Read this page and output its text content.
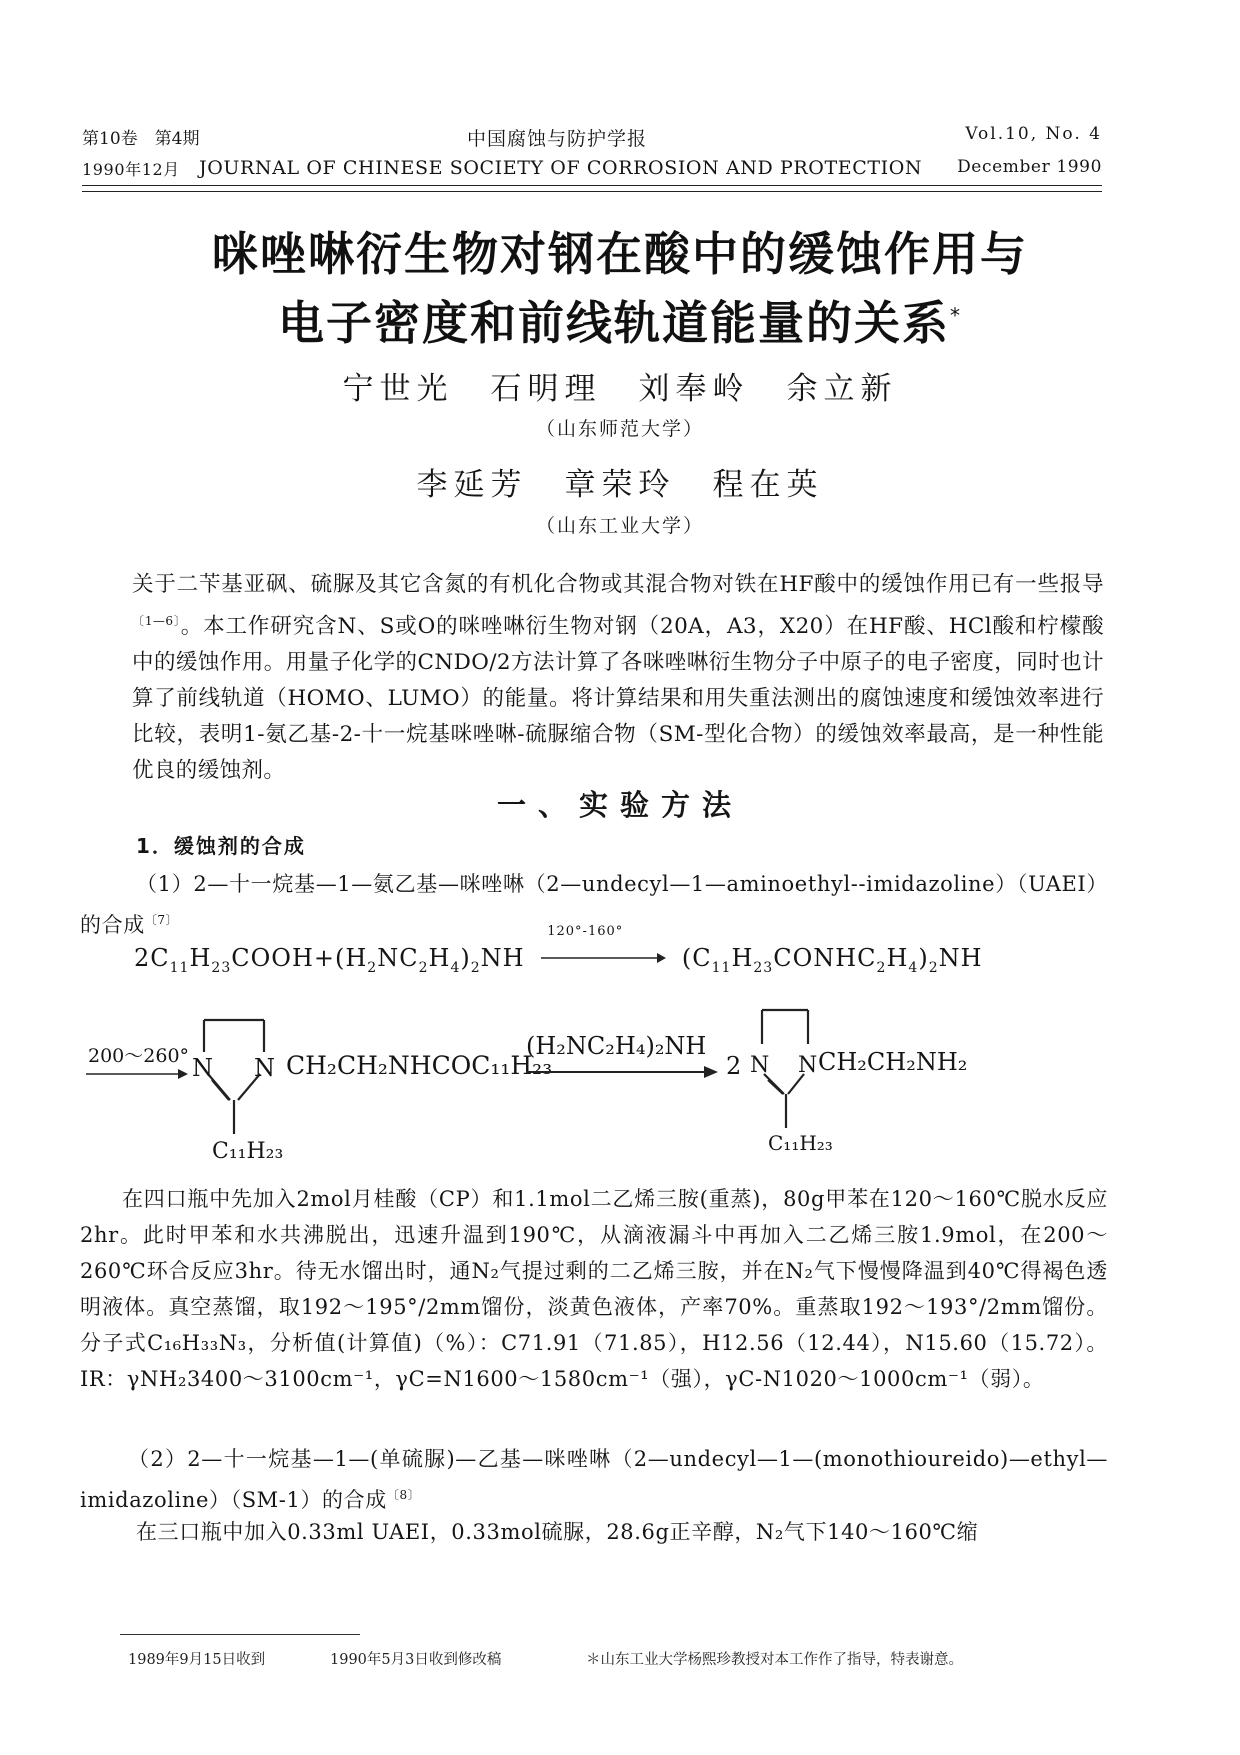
第10卷　第4期	中国腐蚀与防护学报	Vol.10, No. 4
1990年12月 JOURNAL OF CHINESE SOCIETY OF CORROSION AND PROTECTION December 1990
咪唑啉衍生物对钢在酸中的缓蚀作用与
电子密度和前线轨道能量的关系*
宁世光　石明理　刘奉岭　余立新
（山东师范大学）
李延芳　章荣玲　程在英
（山东工业大学）
关于二苄基亚砜、硫脲及其它含氮的有机化合物或其混合物对铁在HF酸中的缓蚀作用已有一些报导$^{〔1—6〕}$。本工作研究含N、S或O的咪唑啉衍生物对钢（20A，A3，X20）在HF酸、HCl酸和柠檬酸中的缓蚀作用。用量子化学的CNDO/2方法计算了各咪唑啉衍生物分子中原子的电子密度，同时也计算了前线轨道（HOMO、LUMO）的能量。将计算结果和用失重法测出的腐蚀速度和缓蚀效率进行比较，表明1-氨乙基-2-十一烷基咪唑啉-硫脲缩合物（SM-型化合物）的缓蚀效率最高，是一种性能优良的缓蚀剂。
一、实验方法
1．缓蚀剂的合成
（1）2—十一烷基—1—氨乙基—咪唑啉（2—undecyl—1—aminoethyl--imidazoline）（UAEI）的合成$^{〔7〕}$
$2C_{11}H_{23}COOH+(H_2NC_2H_4)_2NH$
120°-160°
$(C_{11}H_{23}CONHC_2H_4)_2NH$
200～260° N N CH₂CH₂NHCOC₁₁H₂₃
C₁₁H₂₃
(H₂NC₂H₄)₂NH
2 N N CH₂CH₂NH₂
C₁₁H₂₃
在四口瓶中先加入2mol月桂酸（CP）和1.1mol二乙烯三胺(重蒸)，80g甲苯在120～160℃脱水反应2hr。此时甲苯和水共沸脱出，迅速升温到190℃，从滴液漏斗中再加入二乙烯三胺1.9mol，在200～260℃环合反应3hr。待无水馏出时，通N₂气提过剩的二乙烯三胺，并在N₂气下慢慢降温到40℃得褐色透明液体。真空蒸馏，取192～195°/2mm馏份，淡黄色液体，产率70%。重蒸取192～193°/2mm馏份。分子式C₁₆H₃₃N₃，分析值(计算值)（%）：C71.91（71.85），H12.56（12.44），N15.60（15.72）。IR：γNH₂3400～3100cm⁻¹，γC=N1600～1580cm⁻¹（强），γC-N1020～1000cm⁻¹（弱）。
（2）2—十一烷基—1—(单硫脲)—乙基—咪唑啉（2—undecyl—1—(monothioureido)—ethyl—imidazoline）（SM-1）的合成$^{〔8〕}$
在三口瓶中加入0.33ml UAEI，0.33mol硫脲，28.6g正辛醇，N₂气下140～160℃缩
1989年9月15日收到	1990年5月3日收到修改稿	＊山东工业大学杨熙珍教授对本工作作了指导，特表谢意。
